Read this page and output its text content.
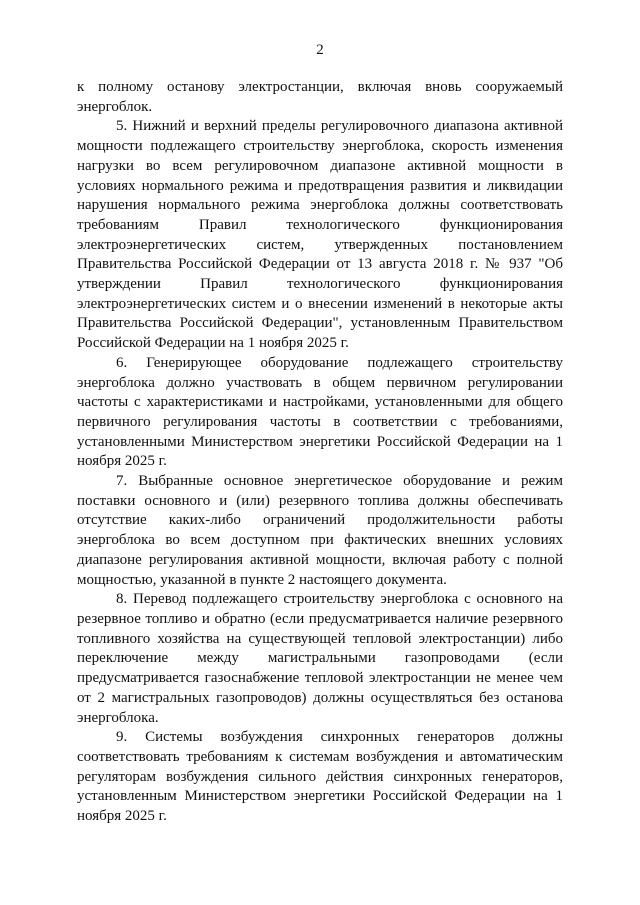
2

к полному останову электростанции, включая вновь сооружаемый энергоблок.

5. Нижний и верхний пределы регулировочного диапазона активной мощности подлежащего строительству энергоблока, скорость изменения нагрузки во всем регулировочном диапазоне активной мощности в условиях нормального режима и предотвращения развития и ликвидации нарушения нормального режима энергоблока должны соответствовать требованиям Правил технологического функционирования электроэнергетических систем, утвержденных постановлением Правительства Российской Федерации от 13 августа 2018 г. № 937 "Об утверждении Правил технологического функционирования электроэнергетических систем и о внесении изменений в некоторые акты Правительства Российской Федерации", установленным Правительством Российской Федерации на 1 ноября 2025 г.

6. Генерирующее оборудование подлежащего строительству энергоблока должно участвовать в общем первичном регулировании частоты с характеристиками и настройками, установленными для общего первичного регулирования частоты в соответствии с требованиями, установленными Министерством энергетики Российской Федерации на 1 ноября 2025 г.

7. Выбранные основное энергетическое оборудование и режим поставки основного и (или) резервного топлива должны обеспечивать отсутствие каких-либо ограничений продолжительности работы энергоблока во всем доступном при фактических внешних условиях диапазоне регулирования активной мощности, включая работу с полной мощностью, указанной в пункте 2 настоящего документа.

8. Перевод подлежащего строительству энергоблока с основного на резервное топливо и обратно (если предусматривается наличие резервного топливного хозяйства на существующей тепловой электростанции) либо переключение между магистральными газопроводами (если предусматривается газоснабжение тепловой электростанции не менее чем от 2 магистральных газопроводов) должны осуществляться без останова энергоблока.

9. Системы возбуждения синхронных генераторов должны соответствовать требованиям к системам возбуждения и автоматическим регуляторам возбуждения сильного действия синхронных генераторов, установленным Министерством энергетики Российской Федерации на 1 ноября 2025 г.
